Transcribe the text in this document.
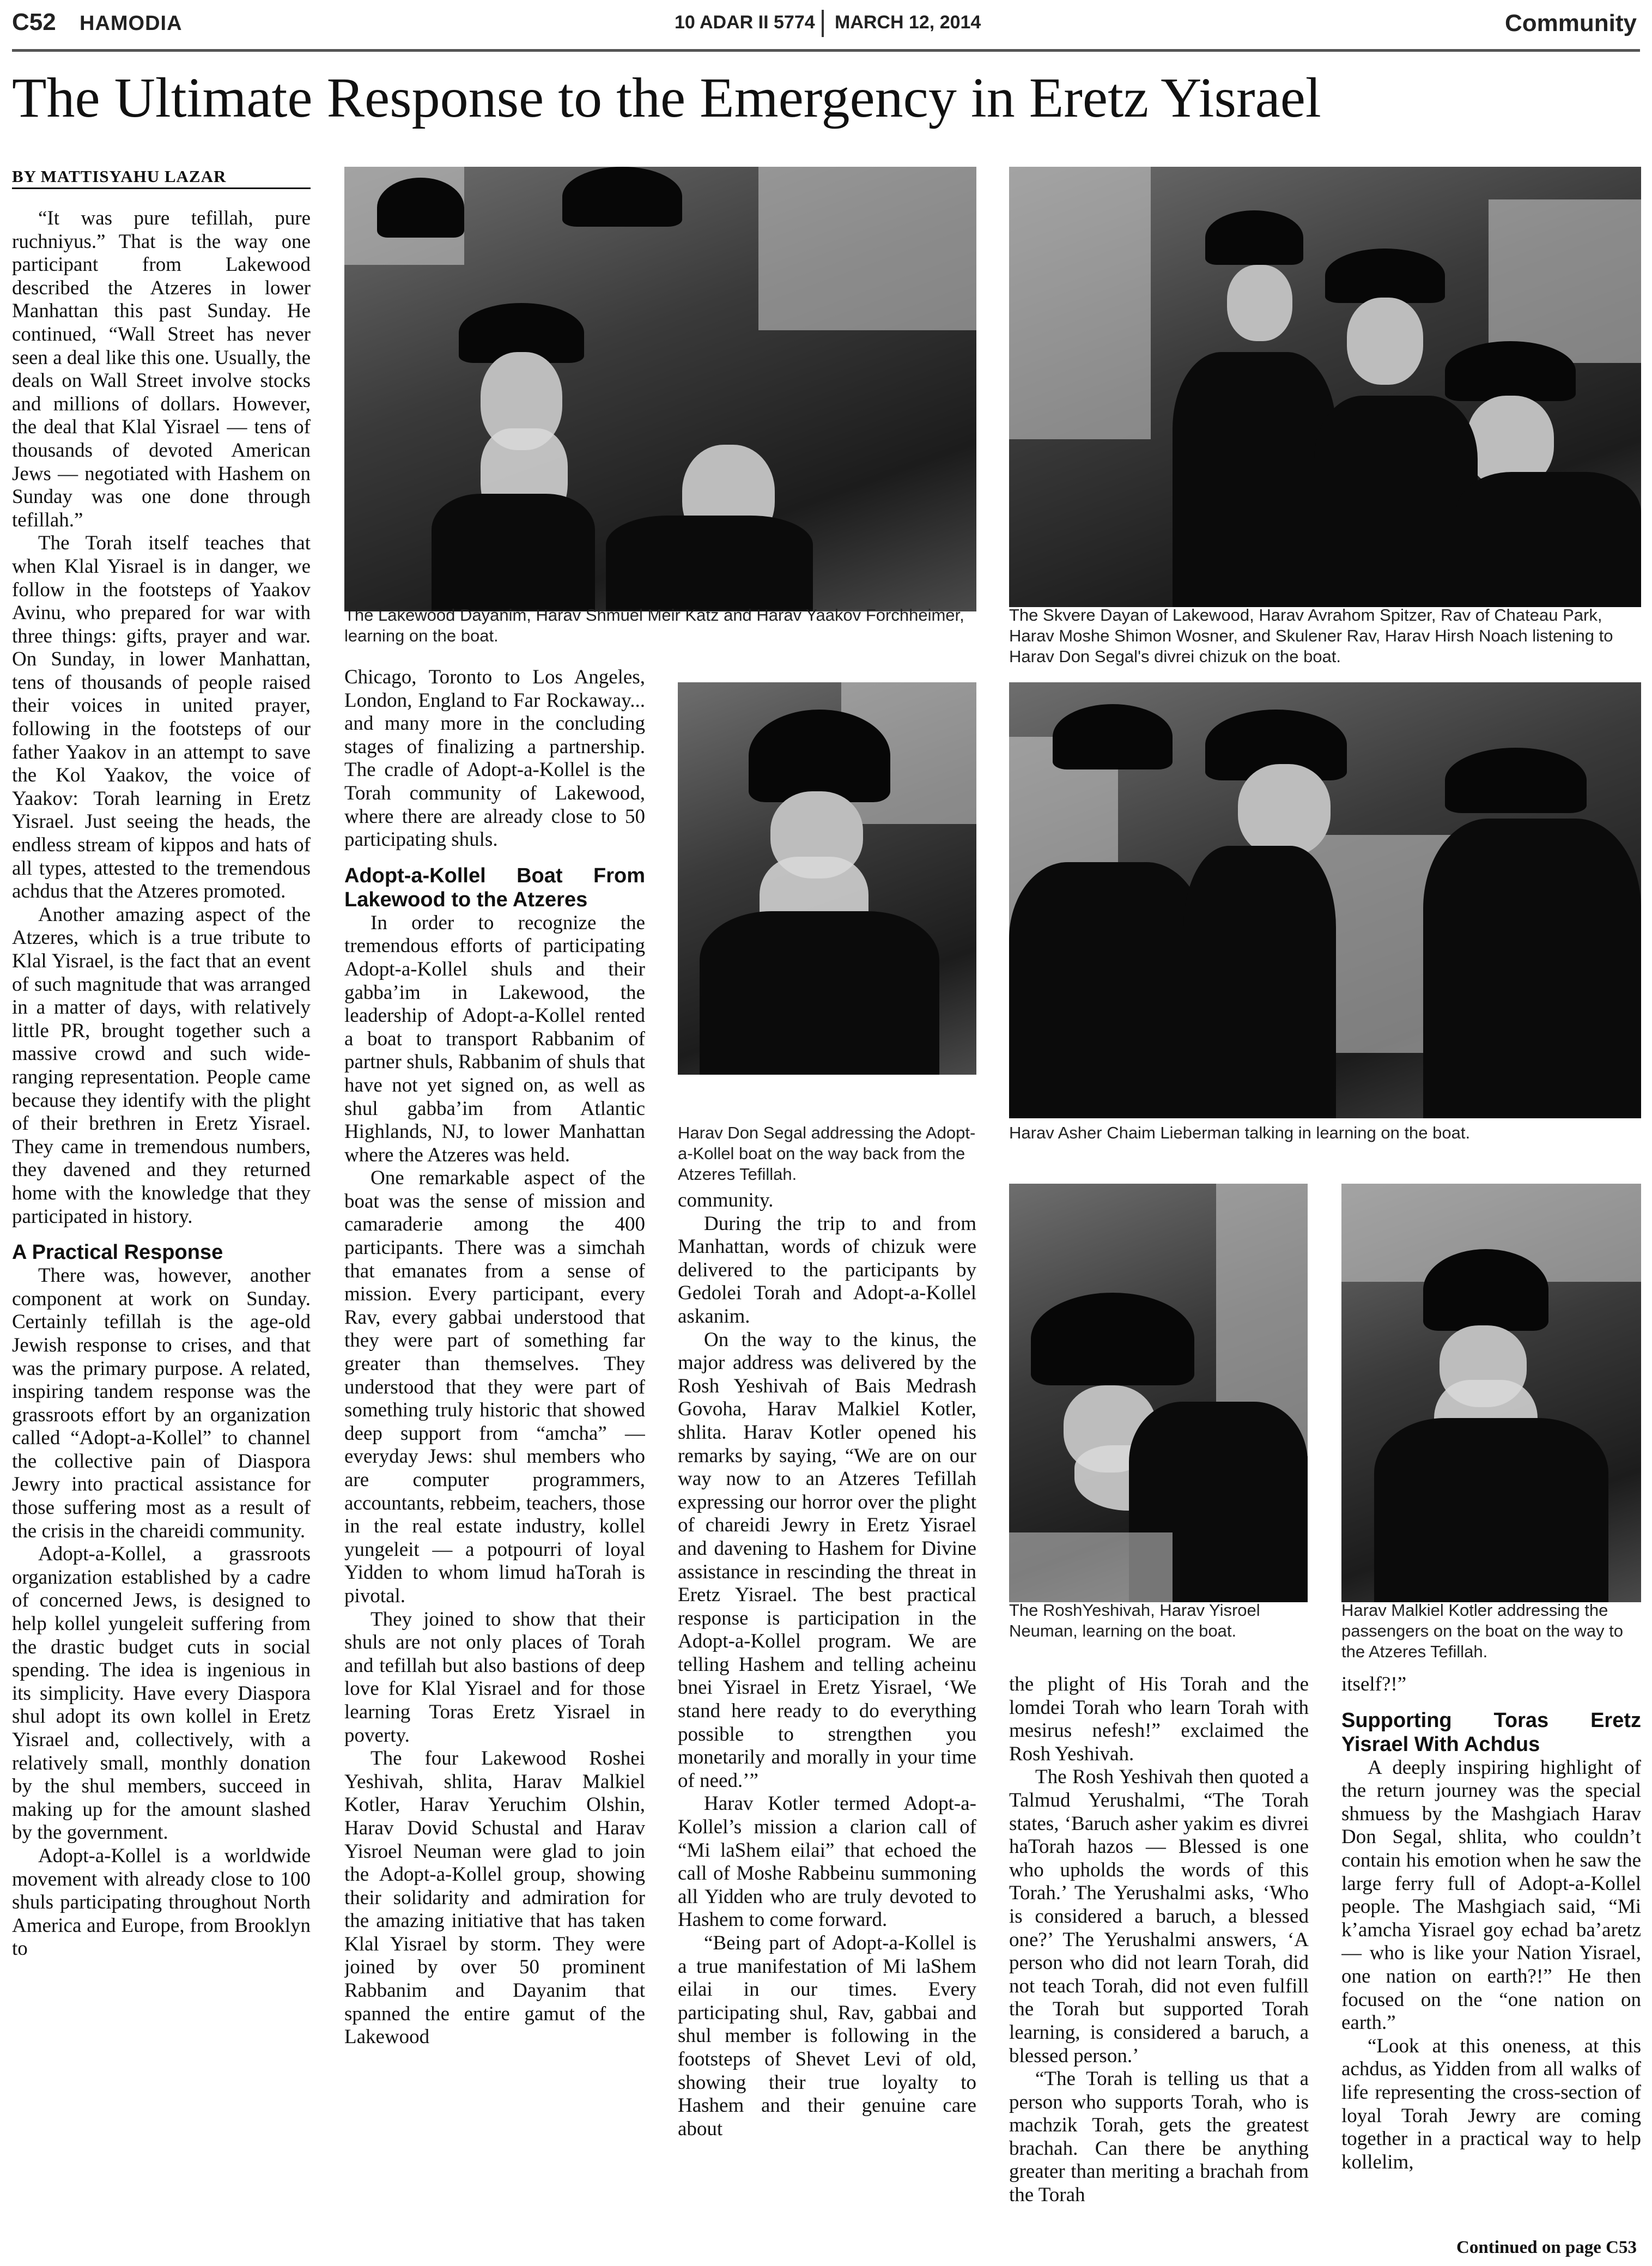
C52 HAMODIA	10 ADAR II 5774 MARCH 12, 2014	Community
The Ultimate Response to the Emergency in Eretz Yisrael
BY MATTISYAHU LAZAR
The Lakewood Dayanim, Harav Shmuel Meir Katz and Harav Yaakov Forchheimer, learning on the boat.
The Skvere Dayan of Lakewood, Harav Avrahom Spitzer, Rav of Chateau Park, Harav Moshe Shimon Wosner, and Skulener Rav, Harav Hirsh Noach listening to Harav Don Segal's divrei chizuk on the boat.
Harav Don Segal addressing the Adopt-a-Kollel boat on the way back from the Atzeres Tefillah.
Harav Asher Chaim Lieberman talking in learning on the boat.
The RoshYeshivah, Harav Yisroel Neuman, learning on the boat.
Harav Malkiel Kotler addressing the passengers on the boat on the way to the Atzeres Tefillah.

“It was pure tefillah, pure ruchniyus.” That is the way one participant from Lakewood described the Atzeres in lower Manhattan this past Sunday. He continued, “Wall Street has never seen a deal like this one. Usually, the deals on Wall Street involve stocks and millions of dollars. However, the deal that Klal Yisrael — tens of thousands of devoted American Jews — negotiated with Hashem on Sunday was one done through tefillah.”

The Torah itself teaches that when Klal Yisrael is in danger, we follow in the footsteps of Yaakov Avinu, who prepared for war with three things: gifts, prayer and war. On Sunday, in lower Manhattan, tens of thousands of people raised their voices in united prayer, following in the footsteps of our father Yaakov in an attempt to save the Kol Yaakov, the voice of Yaakov: Torah learning in Eretz Yisrael. Just seeing the heads, the endless stream of kippos and hats of all types, attested to the tremendous achdus that the Atzeres promoted.

Another amazing aspect of the Atzeres, which is a true tribute to Klal Yisrael, is the fact that an event of such magnitude that was arranged in a matter of days, with relatively little PR, brought together such a massive crowd and such wide-ranging representation. People came because they identify with the plight of their brethren in Eretz Yisrael. They came in tremendous numbers, they davened and they returned home with the knowledge that they participated in history.

A Practical Response

There was, however, another component at work on Sunday. Certainly tefillah is the age-old Jewish response to crises, and that was the primary purpose. A related, inspiring tandem response was the grassroots effort by an organization called “Adopt-a-Kollel” to channel the collective pain of Diaspora Jewry into practical assistance for those suffering most as a result of the crisis in the chareidi community.

Adopt-a-Kollel, a grassroots organization established by a cadre of concerned Jews, is designed to help kollel yungeleit suffering from the drastic budget cuts in social spending. The idea is ingenious in its simplicity. Have every Diaspora shul adopt its own kollel in Eretz Yisrael and, collectively, with a relatively small, monthly donation by the shul members, succeed in making up for the amount slashed by the government.

Adopt-a-Kollel is a worldwide movement with already close to 100 shuls participating throughout North America and Europe, from Brooklyn to

Chicago, Toronto to Los Angeles, London, England to Far Rockaway... and many more in the concluding stages of finalizing a partnership. The cradle of Adopt-a-Kollel is the Torah community of Lakewood, where there are already close to 50 participating shuls.

Adopt-a-Kollel Boat From Lakewood to the Atzeres

In order to recognize the tremendous efforts of participating Adopt-a-Kollel shuls and their gabba’im in Lakewood, the leadership of Adopt-a-Kollel rented a boat to transport Rabbanim of partner shuls, Rabbanim of shuls that have not yet signed on, as well as shul gabba’im from Atlantic Highlands, NJ, to lower Manhattan where the Atzeres was held.

One remarkable aspect of the boat was the sense of mission and camaraderie among the 400 participants. There was a simchah that emanates from a sense of mission. Every participant, every Rav, every gabbai understood that they were part of something far greater than themselves. They understood that they were part of something truly historic that showed deep support from “amcha” — everyday Jews: shul members who are computer programmers, accountants, rebbeim, teachers, those in the real estate industry, kollel yungeleit — a potpourri of loyal Yidden to whom limud haTorah is pivotal.

They joined to show that their shuls are not only places of Torah and tefillah but also bastions of deep love for Klal Yisrael and for those learning Toras Eretz Yisrael in poverty.

The four Lakewood Roshei Yeshivah, shlita, Harav Malkiel Kotler, Harav Yeruchim Olshin, Harav Dovid Schustal and Harav Yisroel Neuman were glad to join the Adopt-a-Kollel group, showing their solidarity and admiration for the amazing initiative that has taken Klal Yisrael by storm. They were joined by over 50 prominent Rabbanim and Dayanim that spanned the entire gamut of the Lakewood

community.

During the trip to and from Manhattan, words of chizuk were delivered to the participants by Gedolei Torah and Adopt-a-Kollel askanim.

On the way to the kinus, the major address was delivered by the Rosh Yeshivah of Bais Medrash Govoha, Harav Malkiel Kotler, shlita. Harav Kotler opened his remarks by saying, “We are on our way now to an Atzeres Tefillah expressing our horror over the plight of chareidi Jewry in Eretz Yisrael and davening to Hashem for Divine assistance in rescinding the threat in Eretz Yisrael. The best practical response is participation in the Adopt-a-Kollel program. We are telling Hashem and telling acheinu bnei Yisrael in Eretz Yisrael, ‘We stand here ready to do everything possible to strengthen you monetarily and morally in your time of need.’”

Harav Kotler termed Adopt-a-Kollel’s mission a clarion call of “Mi laShem eilai” that echoed the call of Moshe Rabbeinu summoning all Yidden who are truly devoted to Hashem to come forward.

“Being part of Adopt-a-Kollel is a true manifestation of Mi laShem eilai in our times. Every participating shul, Rav, gabbai and shul member is following in the footsteps of Shevet Levi of old, showing their true loyalty to Hashem and their genuine care about

the plight of His Torah and the lomdei Torah who learn Torah with mesirus nefesh!” exclaimed the Rosh Yeshivah.

The Rosh Yeshivah then quoted a Talmud Yerushalmi, “The Torah states, ‘Baruch asher yakim es divrei haTorah hazos — Blessed is one who upholds the words of this Torah.’ The Yerushalmi asks, ‘Who is considered a baruch, a blessed one?’ The Yerushalmi answers, ‘A person who did not learn Torah, did not teach Torah, did not even fulfill the Torah but supported Torah learning, is considered a baruch, a blessed person.’

“The Torah is telling us that a person who supports Torah, who is machzik Torah, gets the greatest brachah. Can there be anything greater than meriting a brachah from the Torah

itself?!”

Supporting Toras Eretz Yisrael With Achdus

A deeply inspiring highlight of the return journey was the special shmuess by the Mashgiach Harav Don Segal, shlita, who couldn’t contain his emotion when he saw the large ferry full of Adopt-a-Kollel people. The Mashgiach said, “Mi k’amcha Yisrael goy echad ba’aretz — who is like your Nation Yisrael, one nation on earth?!” He then focused on the “one nation on earth.”

“Look at this oneness, at this achdus, as Yidden from all walks of life representing the cross-section of loyal Torah Jewry are coming together in a practical way to help kollelim,

Continued on page C53
